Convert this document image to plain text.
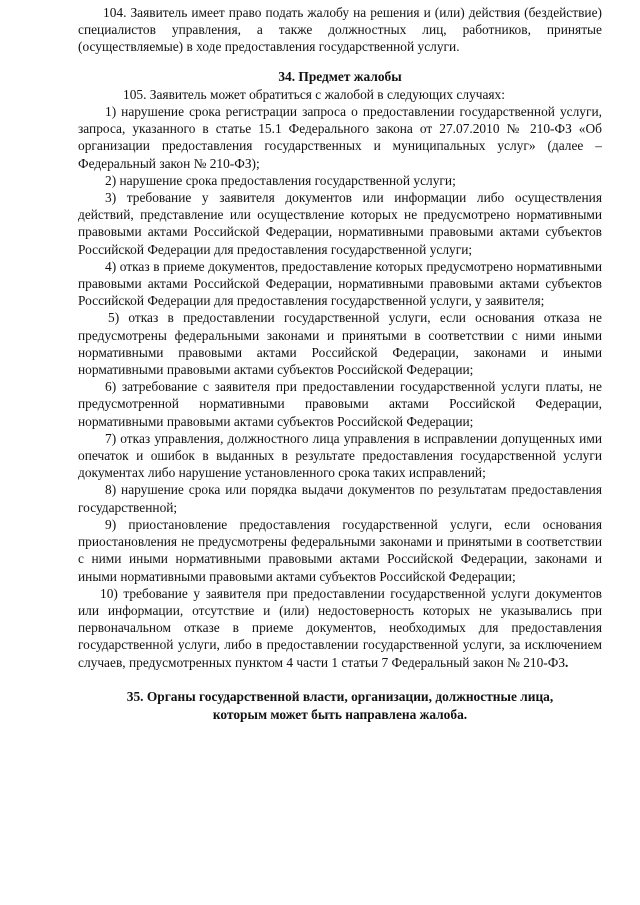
104. Заявитель имеет право подать жалобу на решения и (или) действия (бездействие) специалистов управления, а также должностных лиц, работников, принятые (осуществляемые) в ходе предоставления государственной услуги.

34. Предмет жалобы

105. Заявитель может обратиться с жалобой в следующих случаях:

1) нарушение срока регистрации запроса о предоставлении государственной услуги, запроса, указанного в статье 15.1 Федерального закона от 27.07.2010 № 210-ФЗ «Об организации предоставления государственных и муниципальных услуг» (далее – Федеральный закон № 210-ФЗ);

2) нарушение срока предоставления государственной услуги;

3) требование у заявителя документов или информации либо осуществления действий, представление или осуществление которых не предусмотрено нормативными правовыми актами Российской Федерации, нормативными правовыми актами субъектов Российской Федерации для предоставления государственной услуги;

4) отказ в приеме документов, предоставление которых предусмотрено нормативными правовыми актами Российской Федерации, нормативными правовыми актами субъектов Российской Федерации для предоставления государственной услуги, у заявителя;

5) отказ в предоставлении государственной услуги, если основания отказа не предусмотрены федеральными законами и принятыми в соответствии с ними иными нормативными правовыми актами Российской Федерации, законами и иными нормативными правовыми актами субъектов Российской Федерации;

6) затребование с заявителя при предоставлении государственной услуги платы, не предусмотренной нормативными правовыми актами Российской Федерации, нормативными правовыми актами субъектов Российской Федерации;

7) отказ управления, должностного лица управления в исправлении допущенных ими опечаток и ошибок в выданных в результате предоставления государственной услуги документах либо нарушение установленного срока таких исправлений;

8) нарушение срока или порядка выдачи документов по результатам предоставления государственной;

9) приостановление предоставления государственной услуги, если основания приостановления не предусмотрены федеральными законами и принятыми в соответствии с ними иными нормативными правовыми актами Российской Федерации, законами и иными нормативными правовыми актами субъектов Российской Федерации;

10) требование у заявителя при предоставлении государственной услуги документов или информации, отсутствие и (или) недостоверность которых не указывались при первоначальном отказе в приеме документов, необходимых для предоставления государственной услуги, либо в предоставлении государственной услуги, за исключением случаев, предусмотренных пунктом 4 части 1 статьи 7 Федеральный закон № 210-ФЗ.

35. Органы государственной власти, организации, должностные лица,
которым может быть направлена жалоба.
